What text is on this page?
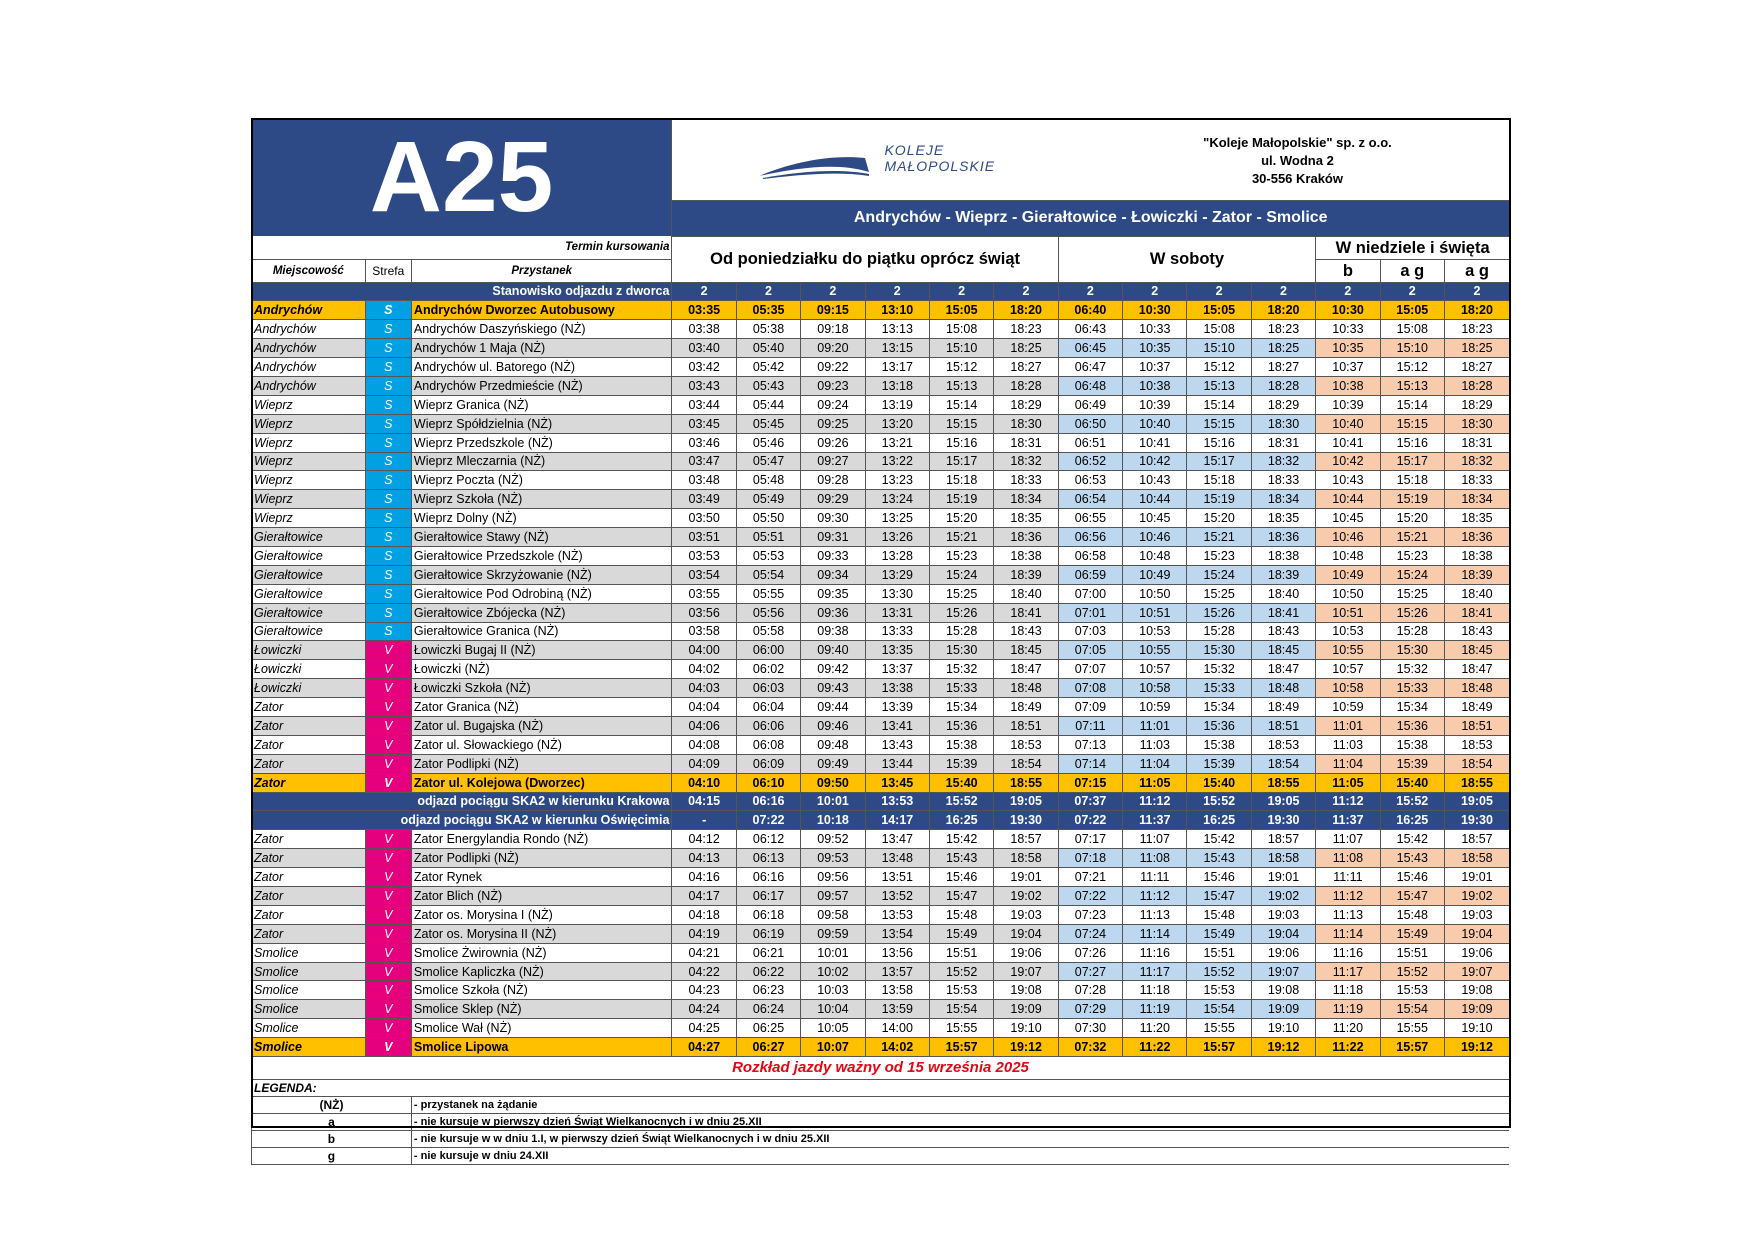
A25			KOLEJE
MAŁOPOLSKIE
"Koleje Małopolskie" sp. z o.o.
ul. Wodna 2
30-556 Kraków												

			Andrychów - Wieprz - Gierałtowice - Łowiczki - Zator - Smolice												
Termin kursowania			Od poniedziałku do piątku oprócz świąt						W soboty				W niedziele i święta		
Miejscowość	Strefa	Przystanek											b	a g	a g
Stanowisko odjazdu z dworca			2	2	2	2	2	2	2	2	2	2	2	2	2
Andrychów	S	Andrychów Dworzec Autobusowy	03:35	05:35	09:15	13:10	15:05	18:20	06:40	10:30	15:05	18:20	10:30	15:05	18:20
Andrychów	S	Andrychów Daszyńskiego (NŻ)	03:38	05:38	09:18	13:13	15:08	18:23	06:43	10:33	15:08	18:23	10:33	15:08	18:23
Andrychów	S	Andrychów 1 Maja (NŻ)	03:40	05:40	09:20	13:15	15:10	18:25	06:45	10:35	15:10	18:25	10:35	15:10	18:25
Andrychów	S	Andrychów ul. Batorego (NŻ)	03:42	05:42	09:22	13:17	15:12	18:27	06:47	10:37	15:12	18:27	10:37	15:12	18:27
Andrychów	S	Andrychów Przedmieście (NŻ)	03:43	05:43	09:23	13:18	15:13	18:28	06:48	10:38	15:13	18:28	10:38	15:13	18:28
Wieprz	S	Wieprz Granica (NŻ)	03:44	05:44	09:24	13:19	15:14	18:29	06:49	10:39	15:14	18:29	10:39	15:14	18:29
Wieprz	S	Wieprz Spółdzielnia (NŻ)	03:45	05:45	09:25	13:20	15:15	18:30	06:50	10:40	15:15	18:30	10:40	15:15	18:30
Wieprz	S	Wieprz Przedszkole (NŻ)	03:46	05:46	09:26	13:21	15:16	18:31	06:51	10:41	15:16	18:31	10:41	15:16	18:31
Wieprz	S	Wieprz Mleczarnia (NŻ)	03:47	05:47	09:27	13:22	15:17	18:32	06:52	10:42	15:17	18:32	10:42	15:17	18:32
Wieprz	S	Wieprz Poczta (NŻ)	03:48	05:48	09:28	13:23	15:18	18:33	06:53	10:43	15:18	18:33	10:43	15:18	18:33
Wieprz	S	Wieprz Szkoła (NŻ)	03:49	05:49	09:29	13:24	15:19	18:34	06:54	10:44	15:19	18:34	10:44	15:19	18:34
Wieprz	S	Wieprz Dolny (NŻ)	03:50	05:50	09:30	13:25	15:20	18:35	06:55	10:45	15:20	18:35	10:45	15:20	18:35
Gierałtowice	S	Gierałtowice Stawy (NŻ)	03:51	05:51	09:31	13:26	15:21	18:36	06:56	10:46	15:21	18:36	10:46	15:21	18:36
Gierałtowice	S	Gierałtowice Przedszkole (NŻ)	03:53	05:53	09:33	13:28	15:23	18:38	06:58	10:48	15:23	18:38	10:48	15:23	18:38
Gierałtowice	S	Gierałtowice Skrzyżowanie (NŻ)	03:54	05:54	09:34	13:29	15:24	18:39	06:59	10:49	15:24	18:39	10:49	15:24	18:39
Gierałtowice	S	Gierałtowice Pod Odrobiną (NŻ)	03:55	05:55	09:35	13:30	15:25	18:40	07:00	10:50	15:25	18:40	10:50	15:25	18:40
Gierałtowice	S	Gierałtowice Zbójecka (NŻ)	03:56	05:56	09:36	13:31	15:26	18:41	07:01	10:51	15:26	18:41	10:51	15:26	18:41
Gierałtowice	S	Gierałtowice Granica (NŻ)	03:58	05:58	09:38	13:33	15:28	18:43	07:03	10:53	15:28	18:43	10:53	15:28	18:43
Łowiczki	V	Łowiczki Bugaj II (NŻ)	04:00	06:00	09:40	13:35	15:30	18:45	07:05	10:55	15:30	18:45	10:55	15:30	18:45
Łowiczki	V	Łowiczki (NŻ)	04:02	06:02	09:42	13:37	15:32	18:47	07:07	10:57	15:32	18:47	10:57	15:32	18:47
Łowiczki	V	Łowiczki Szkoła (NŻ)	04:03	06:03	09:43	13:38	15:33	18:48	07:08	10:58	15:33	18:48	10:58	15:33	18:48
Zator	V	Zator Granica (NŻ)	04:04	06:04	09:44	13:39	15:34	18:49	07:09	10:59	15:34	18:49	10:59	15:34	18:49
Zator	V	Zator ul. Bugajska (NŻ)	04:06	06:06	09:46	13:41	15:36	18:51	07:11	11:01	15:36	18:51	11:01	15:36	18:51
Zator	V	Zator ul. Słowackiego (NŻ)	04:08	06:08	09:48	13:43	15:38	18:53	07:13	11:03	15:38	18:53	11:03	15:38	18:53
Zator	V	Zator Podlipki (NŻ)	04:09	06:09	09:49	13:44	15:39	18:54	07:14	11:04	15:39	18:54	11:04	15:39	18:54
Zator	V	Zator ul. Kolejowa (Dworzec)	04:10	06:10	09:50	13:45	15:40	18:55	07:15	11:05	15:40	18:55	11:05	15:40	18:55
odjazd pociągu SKA2 w kierunku Krakowa			04:15	06:16	10:01	13:53	15:52	19:05	07:37	11:12	15:52	19:05	11:12	15:52	19:05
odjazd pociągu SKA2 w kierunku Oświęcimia			-	07:22	10:18	14:17	16:25	19:30	07:22	11:37	16:25	19:30	11:37	16:25	19:30
Zator	V	Zator Energylandia Rondo (NŻ)	04:12	06:12	09:52	13:47	15:42	18:57	07:17	11:07	15:42	18:57	11:07	15:42	18:57
Zator	V	Zator Podlipki (NŻ)	04:13	06:13	09:53	13:48	15:43	18:58	07:18	11:08	15:43	18:58	11:08	15:43	18:58
Zator	V	Zator Rynek	04:16	06:16	09:56	13:51	15:46	19:01	07:21	11:11	15:46	19:01	11:11	15:46	19:01
Zator	V	Zator Blich (NŻ)	04:17	06:17	09:57	13:52	15:47	19:02	07:22	11:12	15:47	19:02	11:12	15:47	19:02
Zator	V	Zator os. Morysina I (NŻ)	04:18	06:18	09:58	13:53	15:48	19:03	07:23	11:13	15:48	19:03	11:13	15:48	19:03
Zator	V	Zator os. Morysina II (NŻ)	04:19	06:19	09:59	13:54	15:49	19:04	07:24	11:14	15:49	19:04	11:14	15:49	19:04
Smolice	V	Smolice Żwirownia (NŻ)	04:21	06:21	10:01	13:56	15:51	19:06	07:26	11:16	15:51	19:06	11:16	15:51	19:06
Smolice	V	Smolice Kapliczka (NŻ)	04:22	06:22	10:02	13:57	15:52	19:07	07:27	11:17	15:52	19:07	11:17	15:52	19:07
Smolice	V	Smolice Szkoła (NŻ)	04:23	06:23	10:03	13:58	15:53	19:08	07:28	11:18	15:53	19:08	11:18	15:53	19:08
Smolice	V	Smolice Sklep (NŻ)	04:24	06:24	10:04	13:59	15:54	19:09	07:29	11:19	15:54	19:09	11:19	15:54	19:09
Smolice	V	Smolice Wał (NŻ)	04:25	06:25	10:05	14:00	15:55	19:10	07:30	11:20	15:55	19:10	11:20	15:55	19:10
Smolice	V	Smolice Lipowa	04:27	06:27	10:07	14:02	15:57	19:12	07:32	11:22	15:57	19:12	11:22	15:57	19:12
Rozkład jazdy ważny od 15 września 2025															
LEGENDA:															
(NŻ)		- przystanek na żądanie													
a		- nie kursuje w pierwszy dzień Świąt Wielkanocnych i w dniu 25.XII													
b		- nie kursuje w w dniu 1.I, w pierwszy dzień Świąt Wielkanocnych i w dniu 25.XII													
g		- nie kursuje w dniu 24.XII													
